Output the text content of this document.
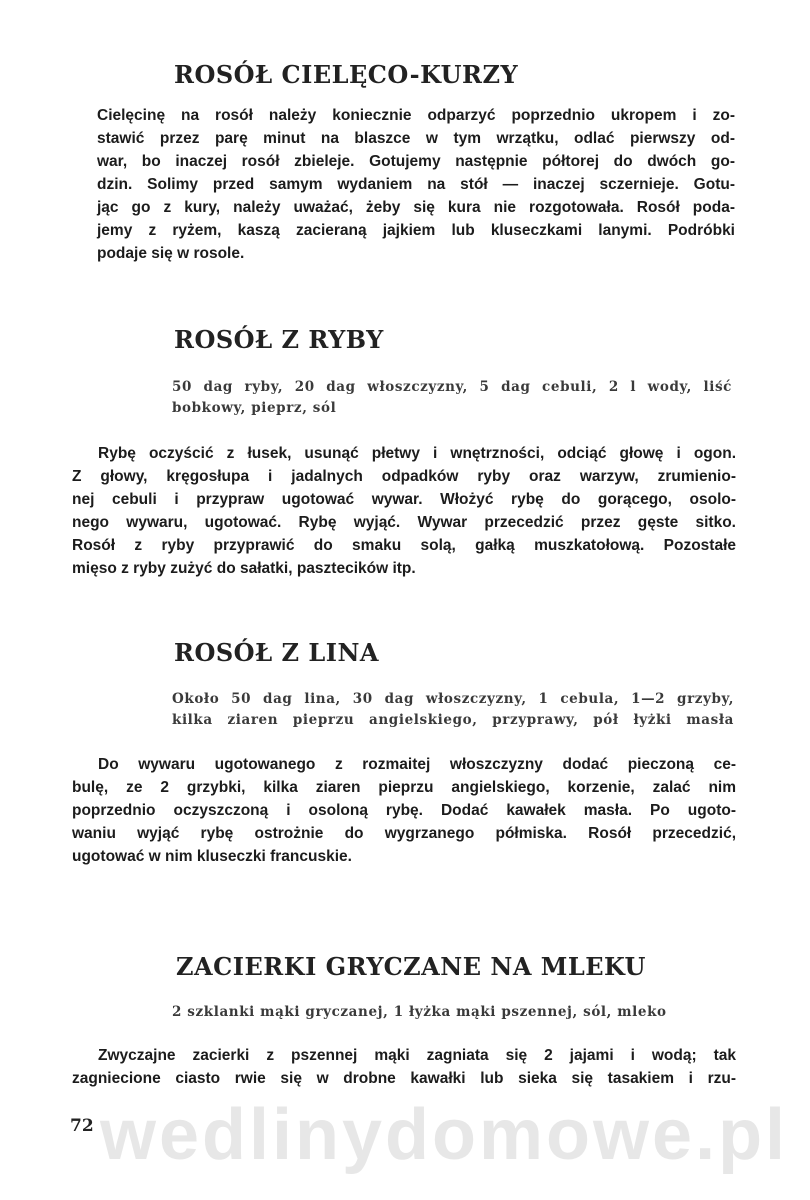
ROSÓŁ CIELĘCO-KURZY
Cielęcinę na rosół należy koniecznie odparzyć poprzednio ukropem i zo-
stawić przez parę minut na blaszce w tym wrzątku, odlać pierwszy od-
war, bo inaczej rosół zbieleje. Gotujemy następnie półtorej do dwóch go-
dzin. Solimy przed samym wydaniem na stół — inaczej sczernieje. Gotu-
jąc go z kury, należy uważać, żeby się kura nie rozgotowała. Rosół poda-
jemy z ryżem, kaszą zacieraną jajkiem lub kluseczkami lanymi. Podróbki
podaje się w rosole.
ROSÓŁ Z RYBY
50 dag ryby, 20 dag włoszczyzny, 5 dag cebuli, 2 l wody, liść
bobkowy, pieprz, sól
Rybę oczyścić z łusek, usunąć płetwy i wnętrzności, odciąć głowę i ogon.
Z głowy, kręgosłupa i jadalnych odpadków ryby oraz warzyw, zrumienio-
nej cebuli i przypraw ugotować wywar. Włożyć rybę do gorącego, osolo-
nego wywaru, ugotować. Rybę wyjąć. Wywar przecedzić przez gęste sitko.
Rosół z ryby przyprawić do smaku solą, gałką muszkatołową. Pozostałe
mięso z ryby zużyć do sałatki, pasztecików itp.
ROSÓŁ Z LINA
Około 50 dag lina, 30 dag włoszczyzny, 1 cebula, 1—2 grzyby,
kilka ziaren pieprzu angielskiego, przyprawy, pół łyżki masła
Do wywaru ugotowanego z rozmaitej włoszczyzny dodać pieczoną ce-
bulę, ze 2 grzybki, kilka ziaren pieprzu angielskiego, korzenie, zalać nim
poprzednio oczyszczoną i osoloną rybę. Dodać kawałek masła. Po ugoto-
waniu wyjąć rybę ostrożnie do wygrzanego półmiska. Rosół przecedzić,
ugotować w nim kluseczki francuskie.
ZACIERKI GRYCZANE NA MLEKU
2 szklanki mąki gryczanej, 1 łyżka mąki pszennej, sól, mleko
Zwyczajne zacierki z pszennej mąki zagniata się 2 jajami i wodą; tak
zagniecione ciasto rwie się w drobne kawałki lub sieka się tasakiem i rzu-
wedlinydomowe.pl
72
